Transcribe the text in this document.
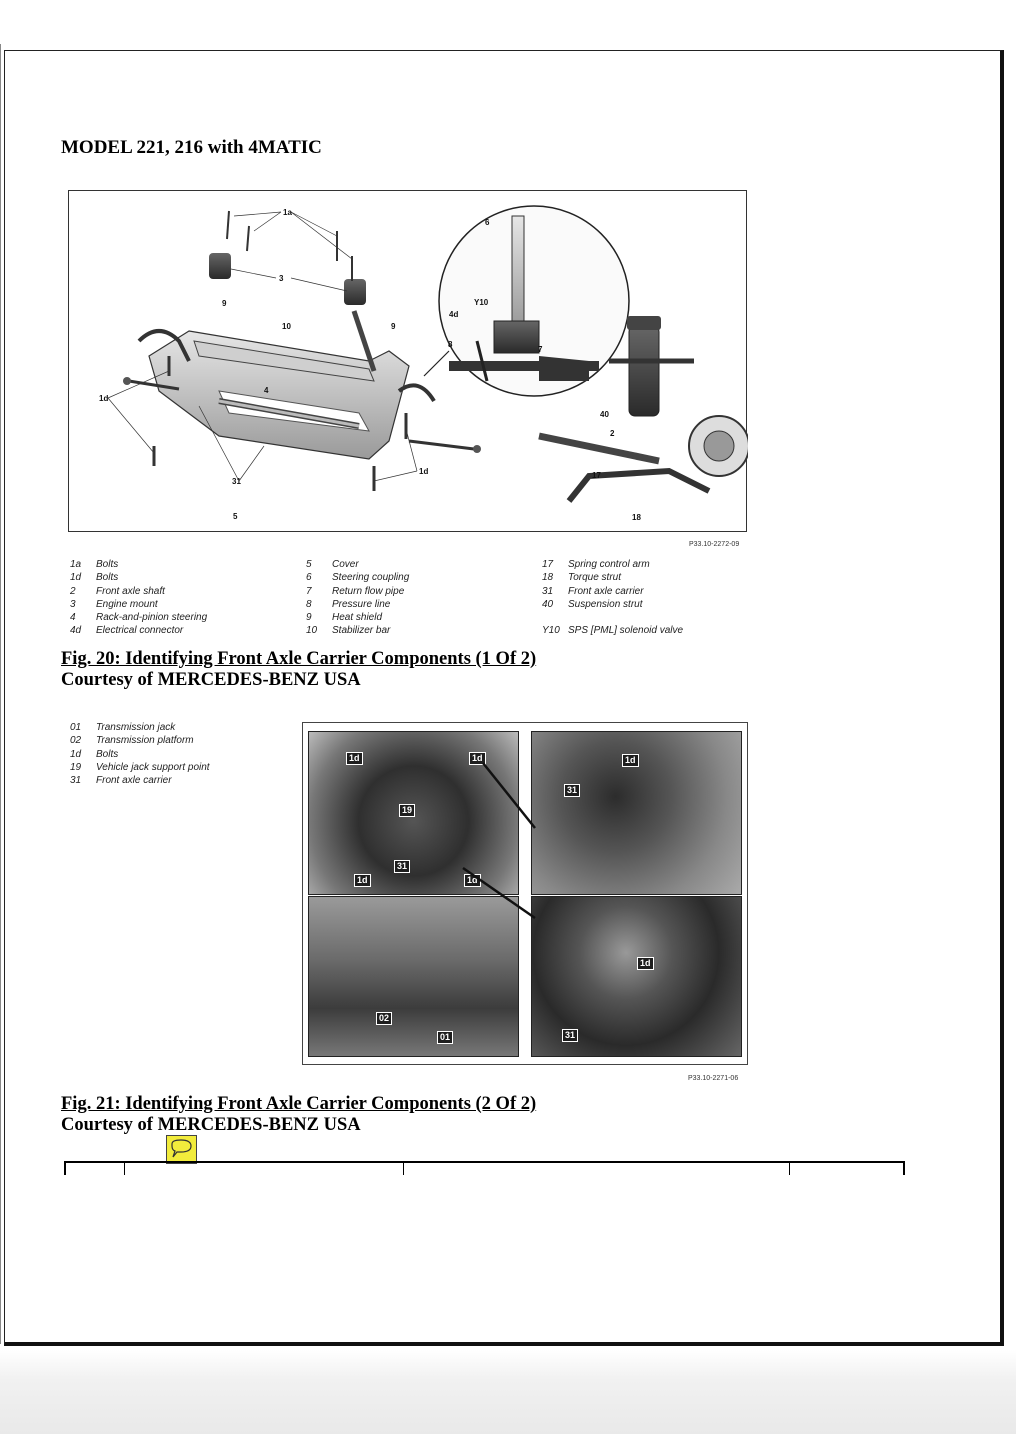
MODEL 221, 216 with 4MATIC
1a
3
9
10	9
4
1d
31
5
1d
6
Y10
4d
8
7
40
2
17
18
P33.10-2272-09
1a Bolts
1d Bolts
2 Front axle shaft
3 Engine mount
4 Rack-and-pinion steering
4d Electrical connector
5 Cover
6 Steering coupling
7 Return flow pipe
8 Pressure line
9 Heat shield
10 Stabilizer bar
17 Spring control arm
18 Torque strut
31 Front axle carrier
40 Suspension strut
Y10 SPS [PML] solenoid valve
Fig. 20: Identifying Front Axle Carrier Components (1 Of 2)
Courtesy of MERCEDES-BENZ USA
01 Transmission jack
02 Transmission platform
1d Bolts
19 Vehicle jack support point
31 Front axle carrier
1d	1d
19
1d
31
1d
1d
31
02
01
1d
31
P33.10-2271-06
Fig. 21: Identifying Front Axle Carrier Components (2 Of 2)
Courtesy of MERCEDES-BENZ USA
